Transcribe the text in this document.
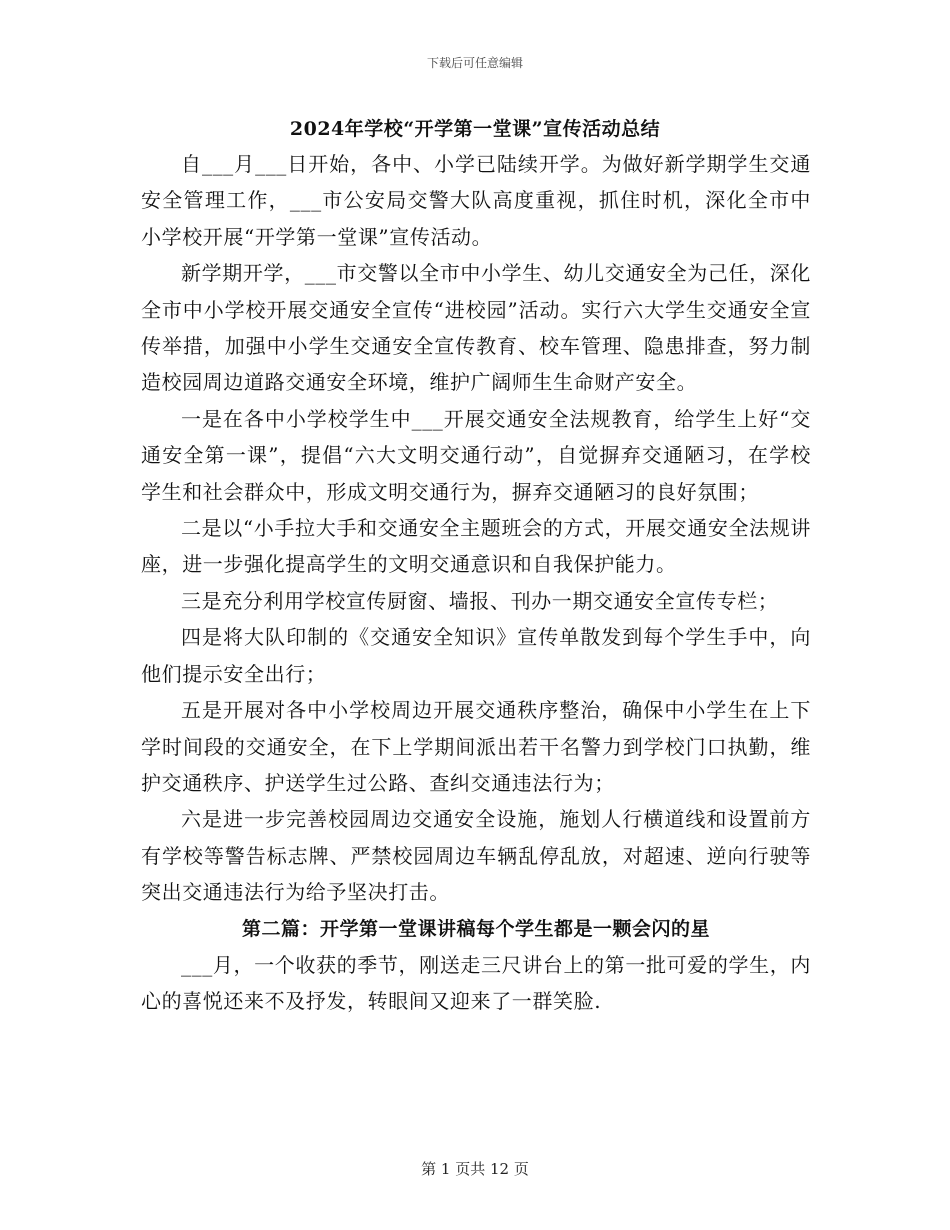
下载后可任意编辑
2024年学校“开学第一堂课”宣传活动总结

自___月___日开始，各中、小学已陆续开学。为做好新学期学生交通安全管理工作，___市公安局交警大队高度重视，抓住时机，深化全市中小学校开展“开学第一堂课”宣传活动。

新学期开学，___市交警以全市中小学生、幼儿交通安全为己任，深化全市中小学校开展交通安全宣传“进校园”活动。实行六大学生交通安全宣传举措，加强中小学生交通安全宣传教育、校车管理、隐患排查，努力制造校园周边道路交通安全环境，维护广阔师生生命财产安全。

一是在各中小学校学生中___开展交通安全法规教育，给学生上好“交通安全第一课”，提倡“六大文明交通行动”，自觉摒弃交通陋习，在学校学生和社会群众中，形成文明交通行为，摒弃交通陋习的良好氛围；

二是以“小手拉大手和交通安全主题班会的方式，开展交通安全法规讲座，进一步强化提高学生的文明交通意识和自我保护能力。

三是充分利用学校宣传厨窗、墙报、刊办一期交通安全宣传专栏；

四是将大队印制的《交通安全知识》宣传单散发到每个学生手中，向他们提示安全出行；

五是开展对各中小学校周边开展交通秩序整治，确保中小学生在上下学时间段的交通安全，在下上学期间派出若干名警力到学校门口执勤，维护交通秩序、护送学生过公路、查纠交通违法行为；

六是进一步完善校园周边交通安全设施，施划人行横道线和设置前方有学校等警告标志牌、严禁校园周边车辆乱停乱放，对超速、逆向行驶等突出交通违法行为给予坚决打击。

第二篇：开学第一堂课讲稿每个学生都是一颗会闪的星

___月，一个收获的季节，刚送走三尺讲台上的第一批可爱的学生，内心的喜悦还来不及抒发，转眼间又迎来了一群笑脸.

第 1 页共 12 页
